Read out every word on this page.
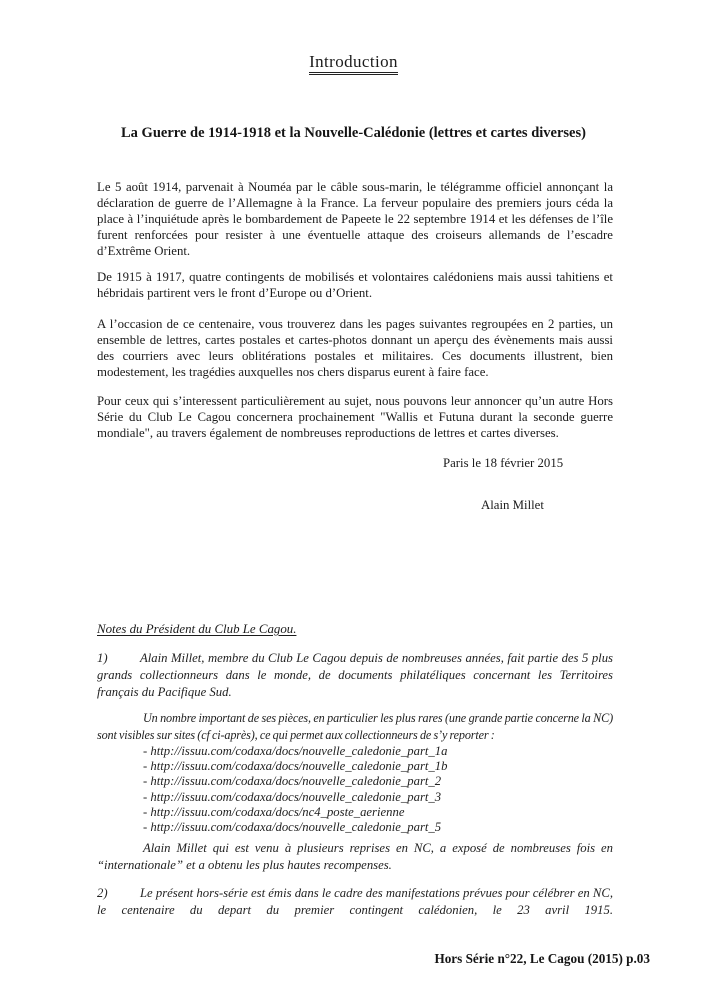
Introduction
La Guerre de 1914-1918 et la Nouvelle-Calédonie (lettres et cartes diverses)

Le 5 août 1914, parvenait à Nouméa par le câble sous-marin, le télégramme officiel annonçant la déclaration de guerre de l’Allemagne à la France. La ferveur populaire des premiers jours céda la place à l’inquiétude après le bombardement de Papeete le 22 septembre 1914 et les défenses de l’île furent renforcées pour resister à une éventuelle attaque des croiseurs allemands de l’escadre d’Extrême Orient.

De 1915 à 1917, quatre contingents de mobilisés et volontaires calédoniens mais aussi tahitiens et hébridais partirent vers le front d’Europe ou d’Orient.

A l’occasion de ce centenaire, vous trouverez dans les pages suivantes regroupées en 2 parties, un ensemble de lettres, cartes postales et cartes-photos donnant un aperçu des évènements mais aussi des courriers avec leurs oblitérations postales et militaires. Ces documents illustrent, bien modestement, les tragédies auxquelles nos chers disparus eurent à faire face.

Pour ceux qui s’interessent particulièrement au sujet, nous pouvons leur annoncer qu’un autre Hors Série du Club Le Cagou concernera prochainement "Wallis et Futuna durant la seconde guerre mondiale", au travers également de nombreuses reproductions de lettres et cartes diverses.

Paris le 18 février 2015
Alain Millet

Notes du Président du Club Le Cagou.

1)	Alain Millet, membre du Club Le Cagou depuis de nombreuses années, fait partie des 5 plus grands collectionneurs dans le monde, de documents philatéliques concernant les Territoires français du Pacifique Sud.

Un nombre important de ses pièces, en particulier les plus rares (une grande partie concerne la NC) sont visibles sur sites (cf ci-après), ce qui permet aux collectionneurs de s’y reporter :

- http://issuu.com/codaxa/docs/nouvelle_caledonie_part_1a
- http://issuu.com/codaxa/docs/nouvelle_caledonie_part_1b
- http://issuu.com/codaxa/docs/nouvelle_caledonie_part_2
- http://issuu.com/codaxa/docs/nouvelle_caledonie_part_3
- http://issuu.com/codaxa/docs/nc4_poste_aerienne
- http://issuu.com/codaxa/docs/nouvelle_caledonie_part_5

Alain Millet qui est venu à plusieurs reprises en NC, a exposé de nombreuses fois en “internationale” et a obtenu les plus hautes recompenses.

2)	Le présent hors-série est émis dans le cadre des manifestations prévues pour célébrer en NC, le centenaire du depart du premier contingent calédonien, le 23 avril 1915.

Hors Série n°22, Le Cagou (2015) p.03
